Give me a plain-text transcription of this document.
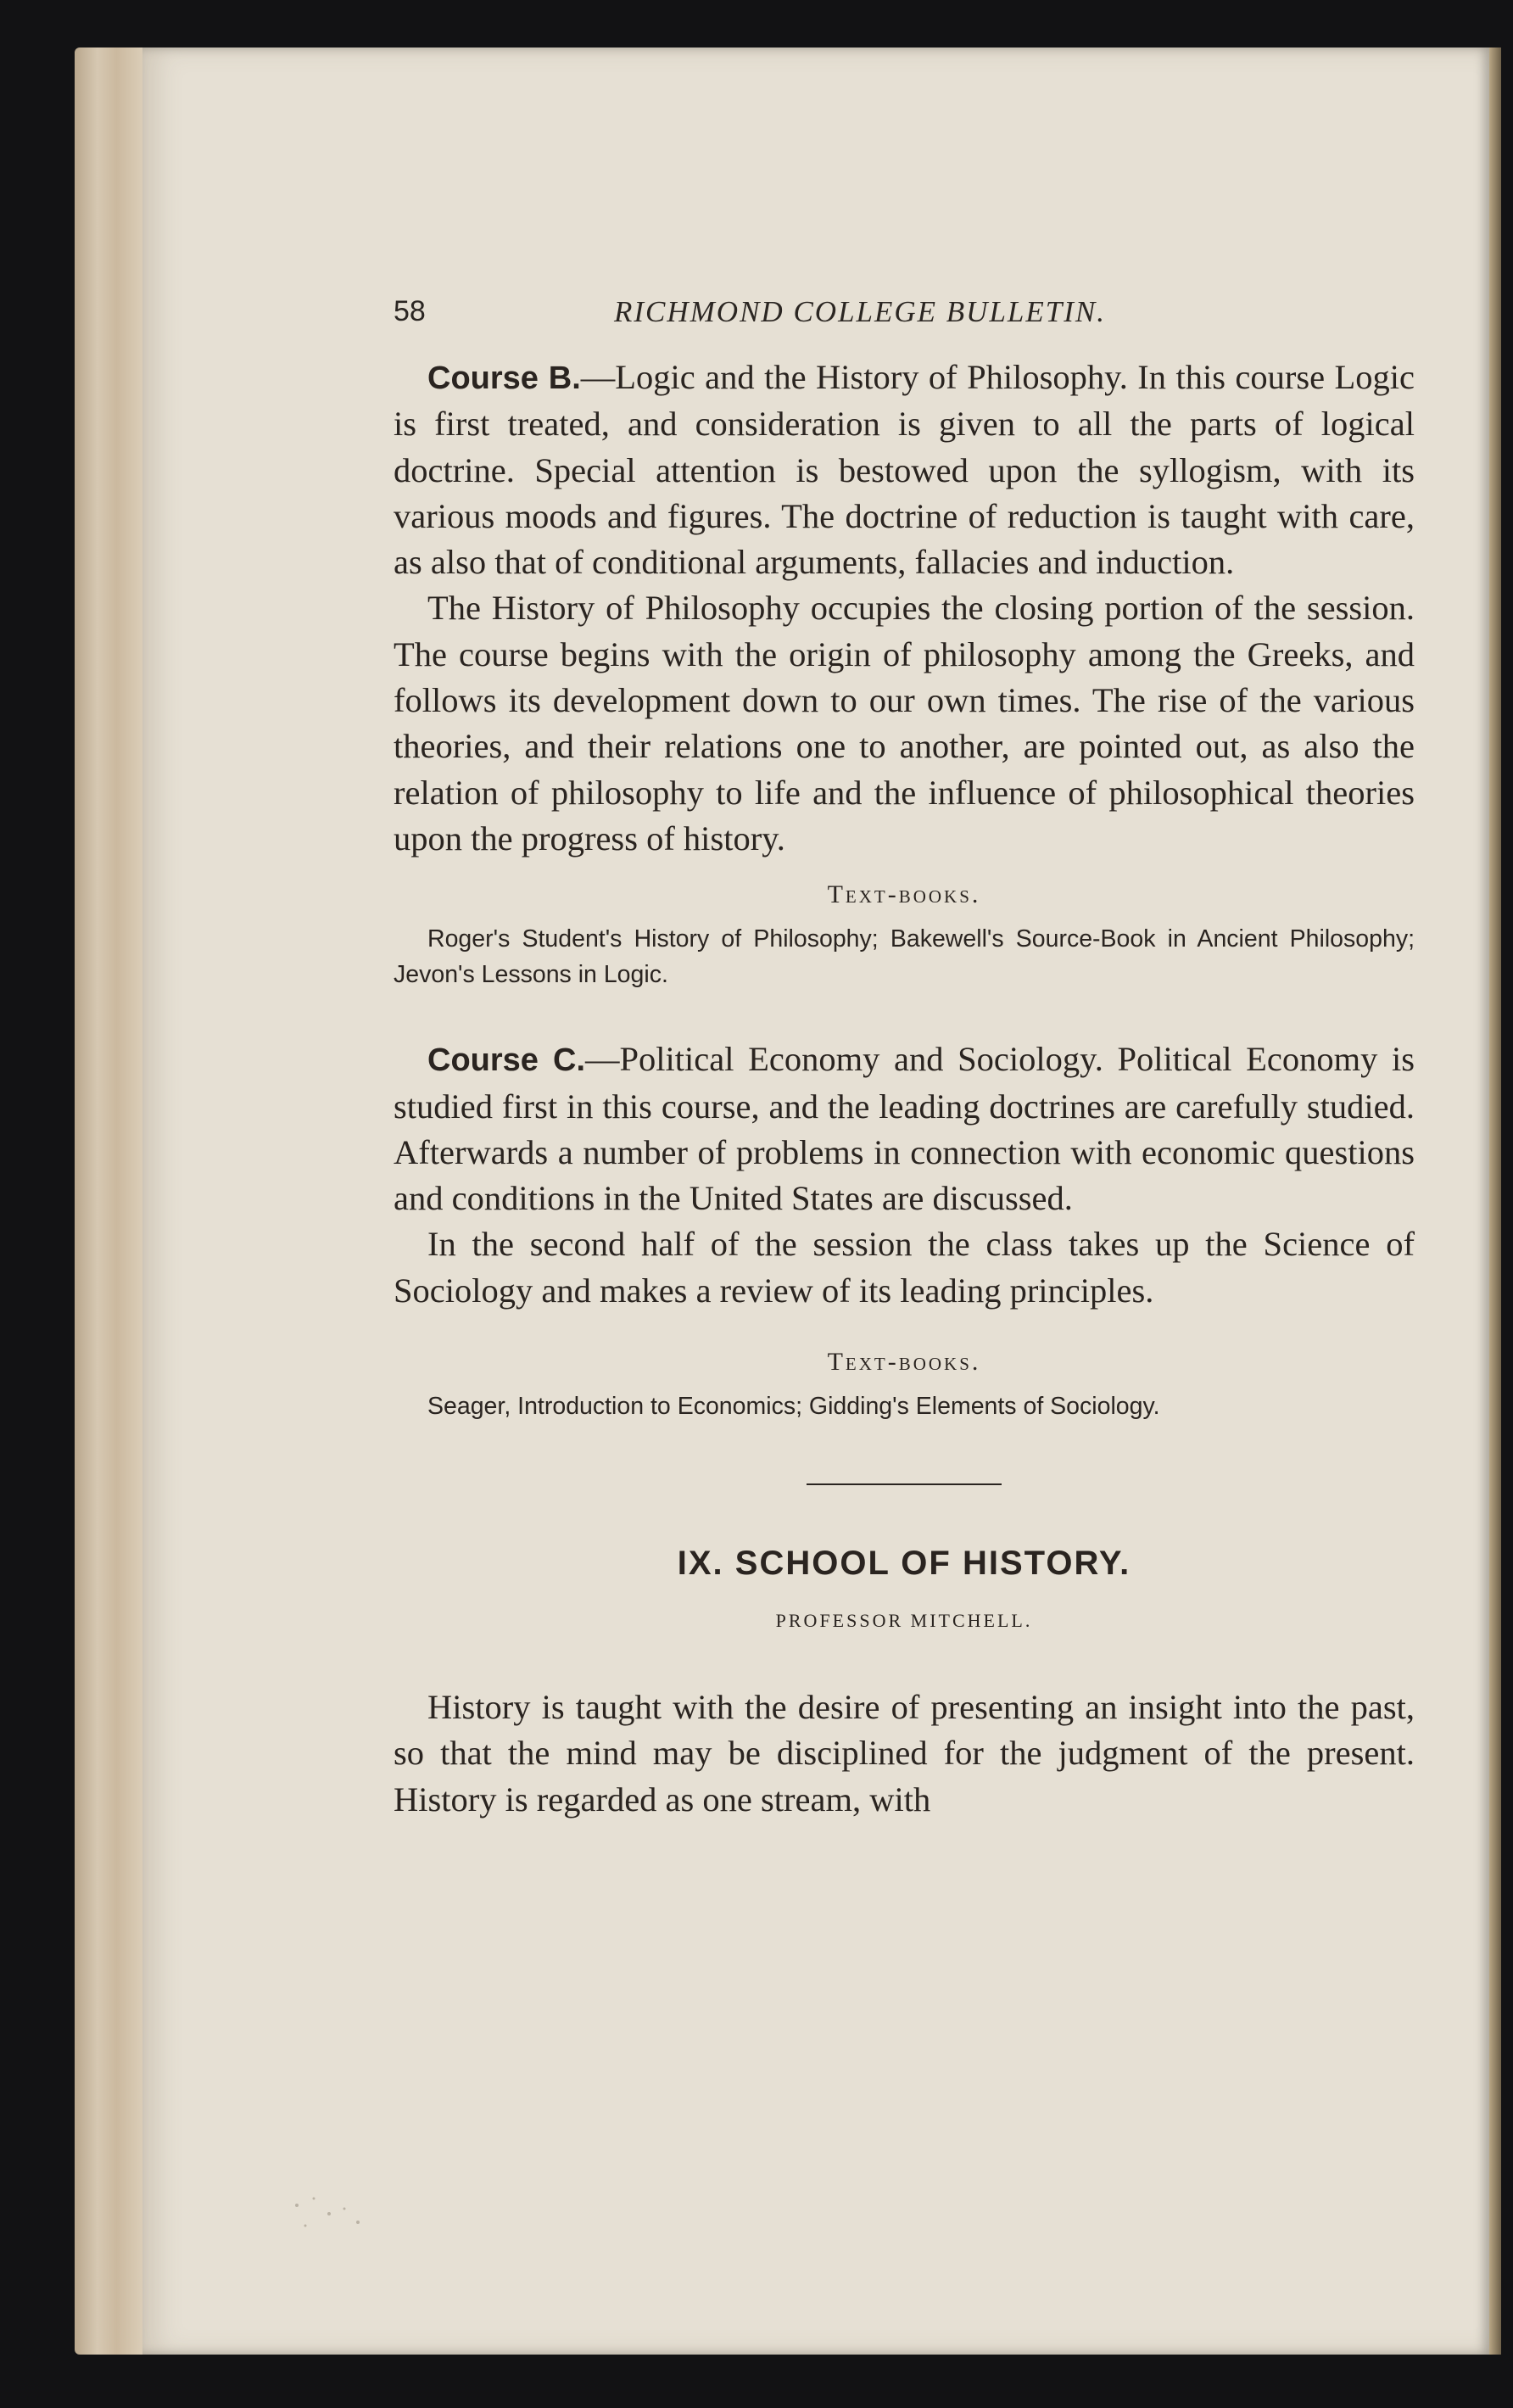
58	RICHMOND COLLEGE BULLETIN.

Course B.—Logic and the History of Philosophy. In this course Logic is first treated, and consideration is given to all the parts of logical doctrine. Special attention is bestowed upon the syllogism, with its various moods and figures. The doctrine of reduction is taught with care, as also that of conditional arguments, fallacies and induction.

The History of Philosophy occupies the closing portion of the session. The course begins with the origin of philosophy among the Greeks, and follows its development down to our own times. The rise of the various theories, and their relations one to another, are pointed out, as also the relation of philosophy to life and the influence of philosophical theories upon the progress of history.

Text-books.

Roger's Student's History of Philosophy; Bakewell's Source-Book in Ancient Philosophy; Jevon's Lessons in Logic.

Course C.—Political Economy and Sociology. Political Economy is studied first in this course, and the leading doctrines are carefully studied. Afterwards a number of problems in connection with economic questions and conditions in the United States are discussed.

In the second half of the session the class takes up the Science of Sociology and makes a review of its leading principles.

Text-books.

Seager, Introduction to Economics; Gidding's Elements of Sociology.

IX. SCHOOL OF HISTORY.
PROFESSOR MITCHELL.

History is taught with the desire of presenting an insight into the past, so that the mind may be disciplined for the judgment of the present. History is regarded as one stream, with
